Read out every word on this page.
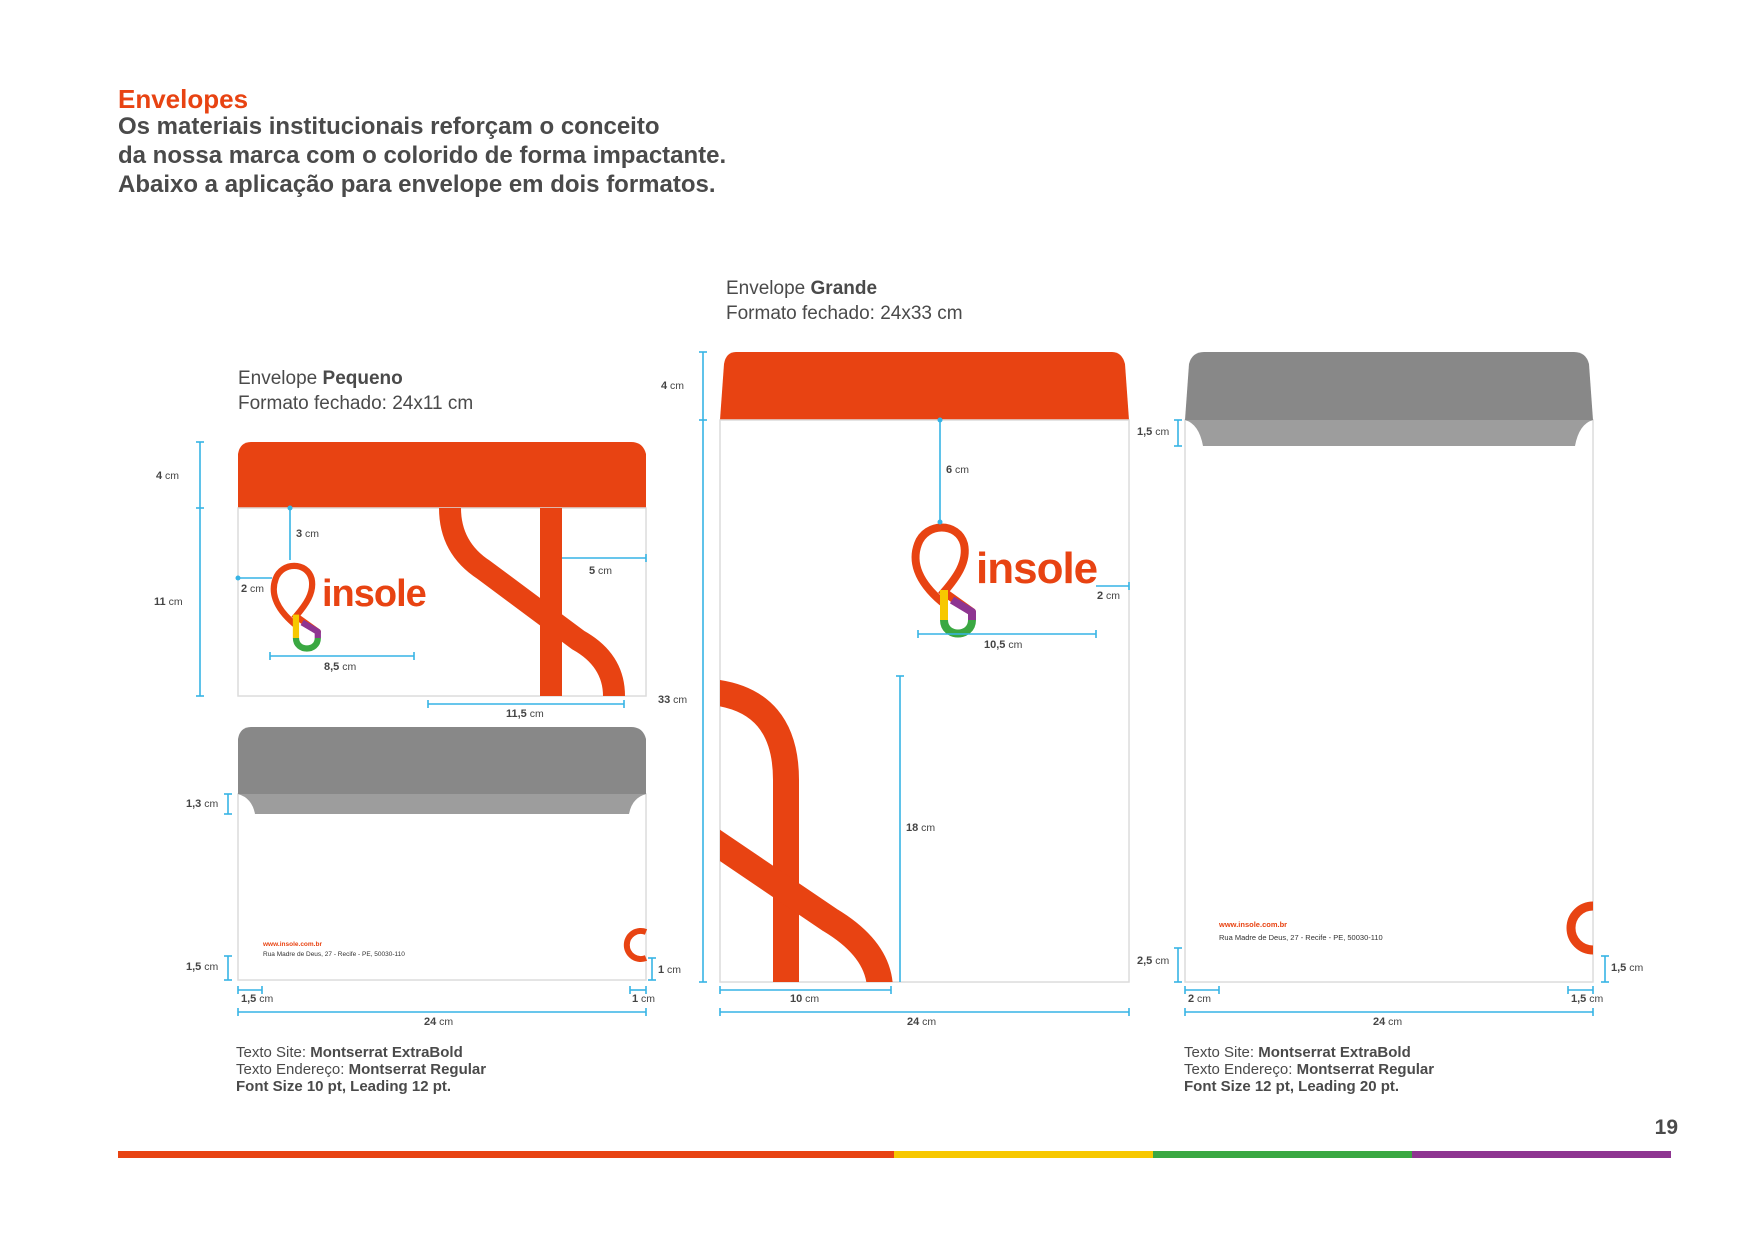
Envelopes
Os materiais institucionais reforçam o conceito
da nossa marca com o colorido de forma impactante.
Abaixo a aplicação para envelope em dois formatos.
Envelope Pequeno
Formato fechado: 24x11 cm
Envelope Grande
Formato fechado: 24x33 cm
insole
insole
www.insole.com.br
Rua Madre de Deus, 27 - Recife - PE, 50030-110
www.insole.com.br
Rua Madre de Deus, 27 - Recife - PE, 50030-110
4 cm
11 cm
3 cm
2 cm
5 cm
8,5 cm
11,5 cm
1,3 cm
1,5 cm	1 cm
1,5 cm	1 cm
24 cm
4 cm
33 cm
6 cm
2 cm
10,5 cm
18 cm
10 cm
24 cm
1,5 cm
2,5 cm
1,5 cm
2 cm	1,5 cm
24 cm
Texto Site: Montserrat ExtraBold
Texto Endereço: Montserrat Regular
Font Size 10 pt, Leading 12 pt.
Texto Site: Montserrat ExtraBold
Texto Endereço: Montserrat Regular
Font Size 12 pt, Leading 20 pt.
19
